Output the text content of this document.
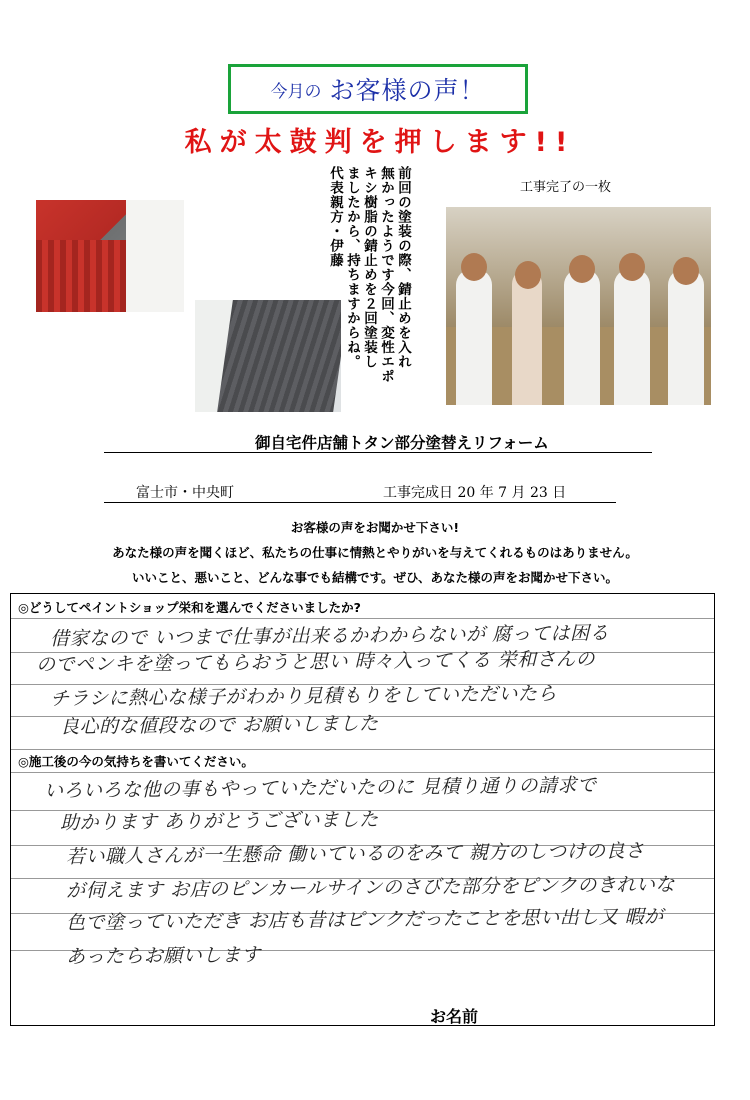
今月の お客様の声！
私が太鼓判を押します!!
前回の塗装の際、錆止めを入れ
無かったようです今回、変性エポ
キシ樹脂の錆止めを２回塗装し
ましたから、持ちますからね。
代表親方・伊藤	工事完了の一枚
御自宅件店舗トタン部分塗替えリフォーム
富士市・中央町	工事完成日 20 年 7 月 23 日
お客様の声をお聞かせ下さい!
あなた様の声を聞くほど、私たちの仕事に情熱とやりがいを与えてくれるものはありません。
いいこと、悪いこと、どんな事でも結構です。ぜひ、あなた様の声をお聞かせ下さい。
◎どうしてペイントショップ栄和を選んでくださいましたか?
借家なので いつまで仕事が出来るかわからないが 腐っては困る
のでペンキを塗ってもらおうと思い 時々入ってくる 栄和さんの
チラシに熱心な様子がわかり見積もりをしていただいたら
良心的な値段なので お願いしました
◎施工後の今の気持ちを書いてください。
いろいろな他の事もやっていただいたのに 見積り通りの請求で
助かります ありがとうございました
若い職人さんが一生懸命 働いているのをみて 親方のしつけの良さ
が伺えます お店のピンカールサインのさびた部分をピンクのきれいな
色で塗っていただき お店も昔はピンクだったことを思い出し又 暇が
あったらお願いします
お名前
